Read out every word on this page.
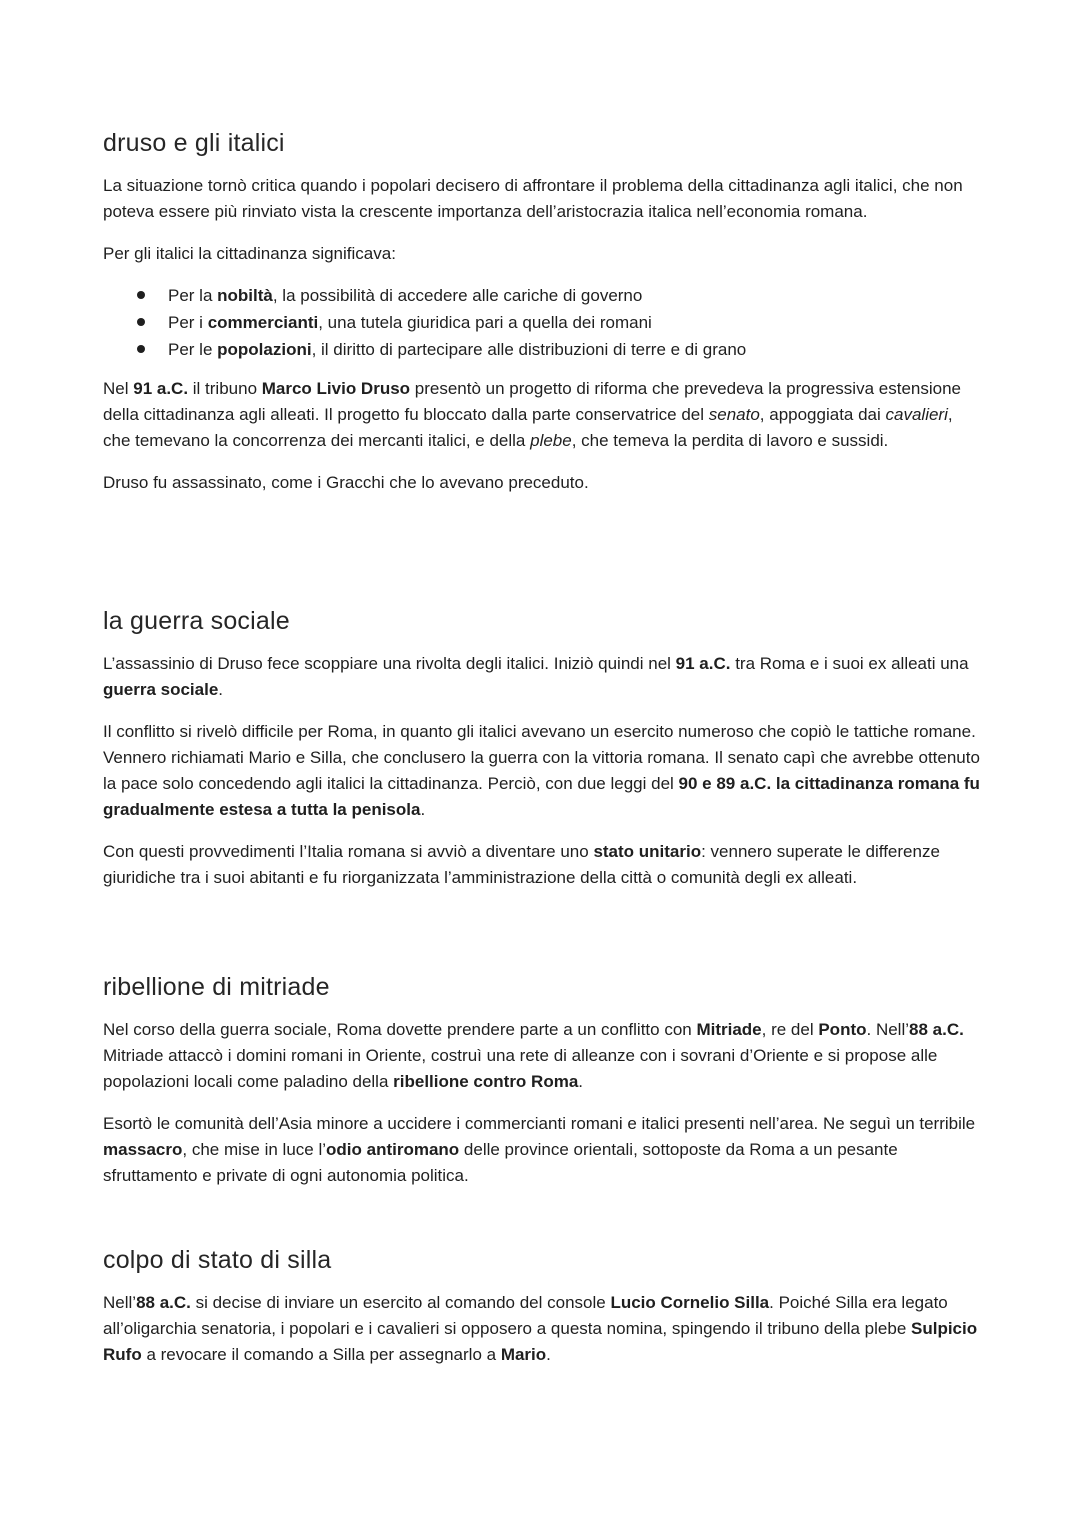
druso e gli italici

La situazione tornò critica quando i popolari decisero di affrontare il problema della cittadinanza agli italici, che non poteva essere più rinviato vista la crescente importanza dell’aristocrazia italica nell’economia romana.

Per gli italici la cittadinanza significava:

Per la nobiltà, la possibilità di accedere alle cariche di governo
Per i commercianti, una tutela giuridica pari a quella dei romani
Per le popolazioni, il diritto di partecipare alle distribuzioni di terre e di grano

Nel 91 a.C. il tribuno Marco Livio Druso presentò un progetto di riforma che prevedeva la progressiva estensione della cittadinanza agli alleati. Il progetto fu bloccato dalla parte conservatrice del senato, appoggiata dai cavalieri, che temevano la concorrenza dei mercanti italici, e della plebe, che temeva la perdita di lavoro e sussidi.

Druso fu assassinato, come i Gracchi che lo avevano preceduto.

la guerra sociale

L’assassinio di Druso fece scoppiare una rivolta degli italici. Iniziò quindi nel 91 a.C. tra Roma e i suoi ex alleati una guerra sociale.

Il conflitto si rivelò difficile per Roma, in quanto gli italici avevano un esercito numeroso che copiò le tattiche romane. Vennero richiamati Mario e Silla, che conclusero la guerra con la vittoria romana. Il senato capì che avrebbe ottenuto la pace solo concedendo agli italici la cittadinanza. Perciò, con due leggi del 90 e 89 a.C. la cittadinanza romana fu gradualmente estesa a tutta la penisola.

Con questi provvedimenti l’Italia romana si avviò a diventare uno stato unitario: vennero superate le differenze giuridiche tra i suoi abitanti e fu riorganizzata l’amministrazione della città o comunità degli ex alleati.

ribellione di mitriade

Nel corso della guerra sociale, Roma dovette prendere parte a un conflitto con Mitriade, re del Ponto. Nell’88 a.C. Mitriade attaccò i domini romani in Oriente, costruì una rete di alleanze con i sovrani d’Oriente e si propose alle popolazioni locali come paladino della ribellione contro Roma.

Esortò le comunità dell’Asia minore a uccidere i commercianti romani e italici presenti nell’area. Ne seguì un terribile massacro, che mise in luce l’odio antiromano delle province orientali, sottoposte da Roma a un pesante sfruttamento e private di ogni autonomia politica.

colpo di stato di silla

Nell’88 a.C. si decise di inviare un esercito al comando del console Lucio Cornelio Silla. Poiché Silla era legato all’oligarchia senatoria, i popolari e i cavalieri si opposero a questa nomina, spingendo il tribuno della plebe Sulpicio Rufo a revocare il comando a Silla per assegnarlo a Mario.
